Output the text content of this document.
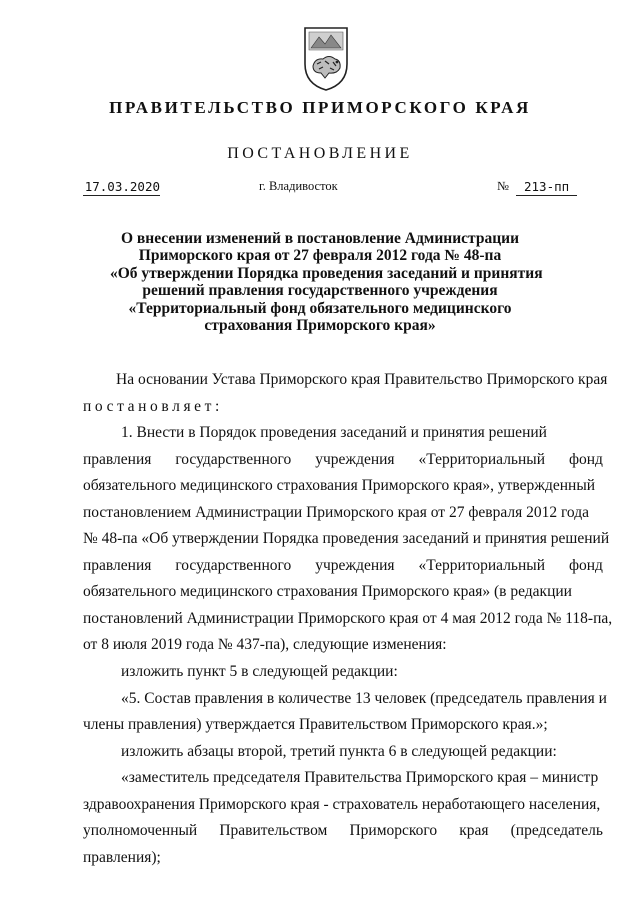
ПРАВИТЕЛЬСТВО ПРИМОРСКОГО КРАЯ
ПОСТАНОВЛЕНИЕ
17.03.2020	г. Владивосток	№	213-пп
О внесении изменений в постановление Администрации
Приморского края от 27 февраля 2012 года № 48-па
«Об утверждении Порядка проведения заседаний и принятия
решений правления государственного учреждения
«Территориальный фонд обязательного медицинского
страхования Приморского края»
На основании Устава Приморского края Правительство Приморского края
постановляет:
1. Внести в Порядок проведения заседаний и принятия решений
правления государственного учреждения «Территориальный фонд
обязательного медицинского страхования Приморского края», утвержденный
постановлением Администрации Приморского края от 27 февраля 2012 года
№ 48-па «Об утверждении Порядка проведения заседаний и принятия решений
правления государственного учреждения «Территориальный фонд
обязательного медицинского страхования Приморского края» (в редакции
постановлений Администрации Приморского края от 4 мая 2012 года № 118-па,
от 8 июля 2019 года № 437-па), следующие изменения:
изложить пункт 5 в следующей редакции:
«5. Состав правления в количестве 13 человек (председатель правления и
члены правления) утверждается Правительством Приморского края.»;
изложить абзацы второй, третий пункта 6 в следующей редакции:
«заместитель председателя Правительства Приморского края – министр
здравоохранения Приморского края - страхователь неработающего населения,
уполномоченный Правительством Приморского края (председатель
правления);
